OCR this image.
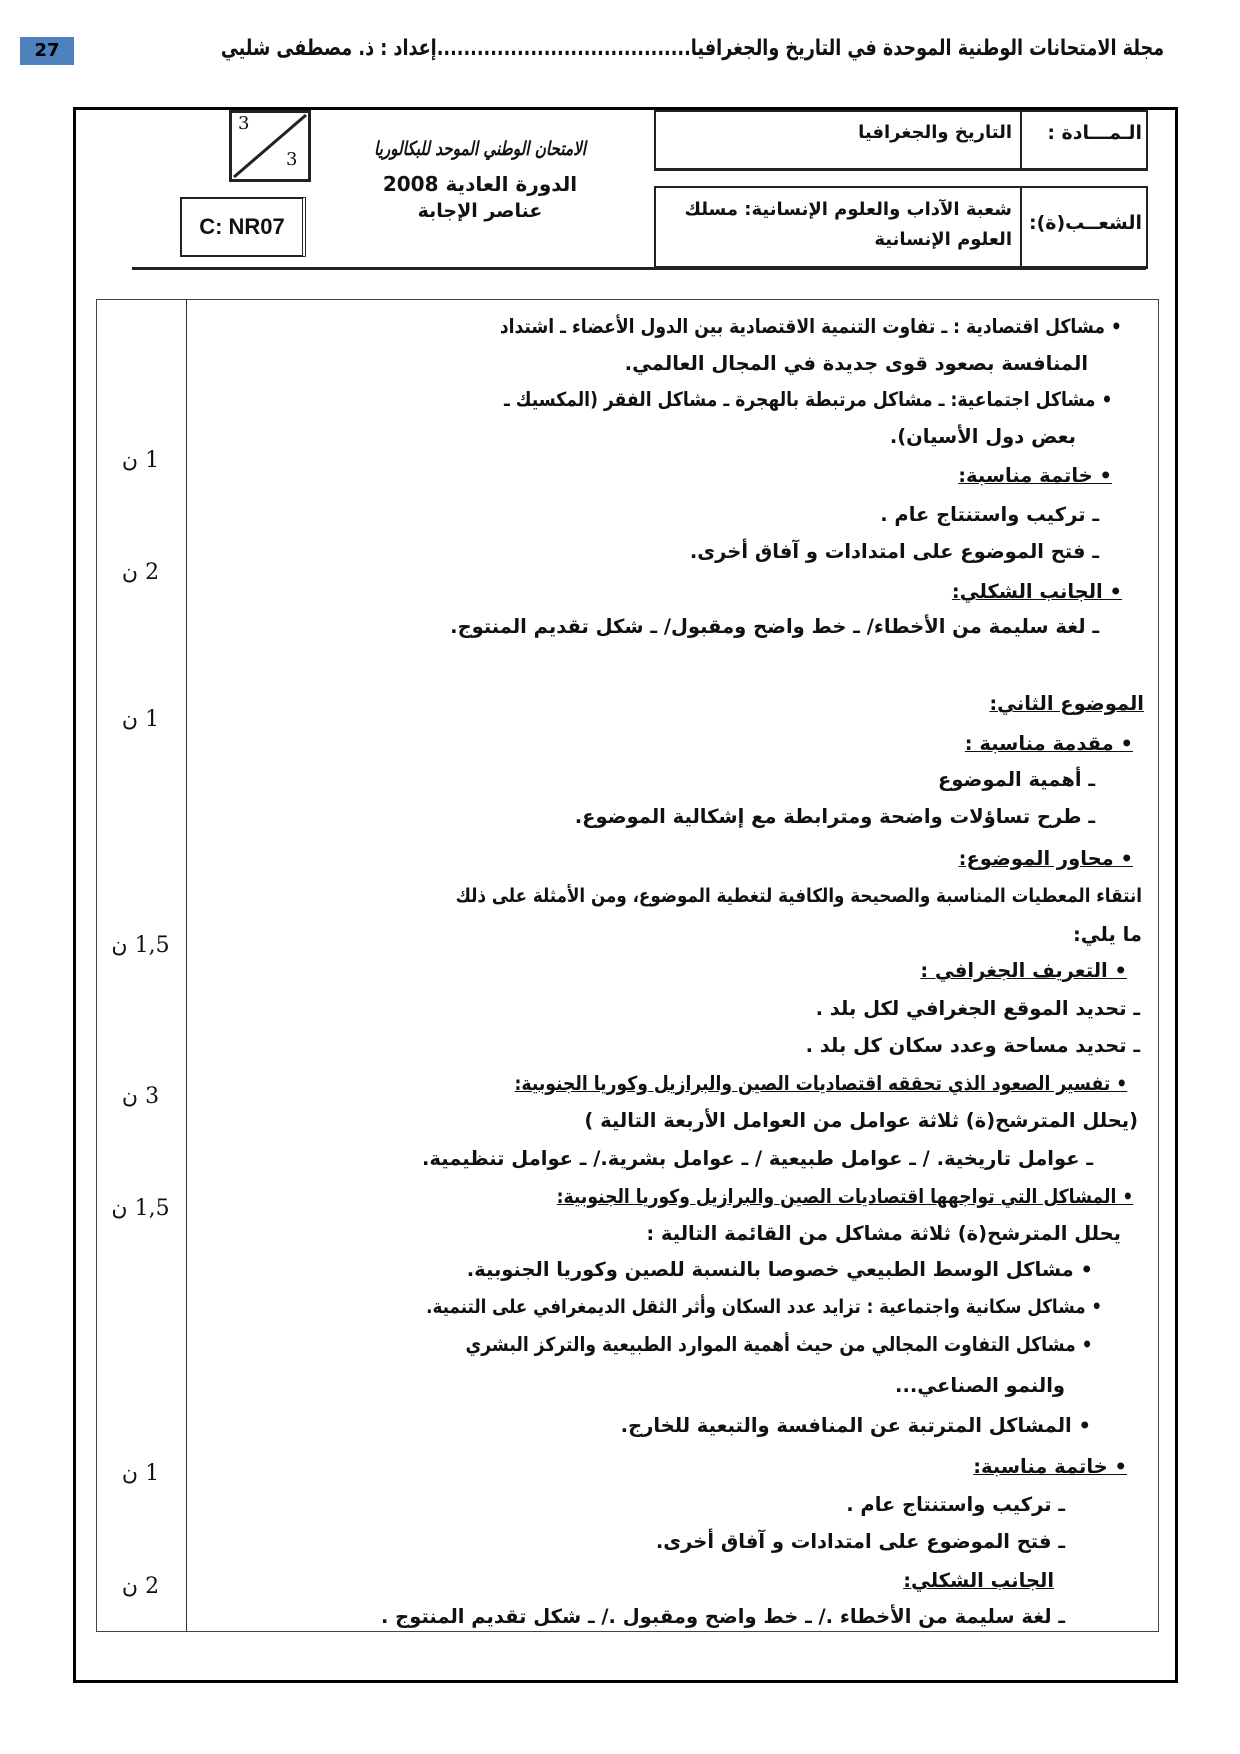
مجلة الامتحانات الوطنية الموحدة في التاريخ والجغرافيا......................................إعداد : ذ. مصطفى شليي
27
الـمـــادة :
التاريخ والجغرافيا
الشعــب(ة):
شعبة الآداب والعلوم الإنسانية: مسلك العلوم الإنسانية
الامتحان الوطني الموحد للبكالوريا
الدورة العادية 2008
عناصر الإجابة
3
3
C: NR07
• مشاكل اقتصادية : ـ تفاوت التنمية الاقتصادية بين الدول الأعضاء ـ اشتداد
المنافسة بصعود قوى جديدة في المجال العالمي.
• مشاكل اجتماعية: ـ مشاكل مرتبطة بالهجرة ـ مشاكل الفقر (المكسيك ـ
بعض دول الأسيان).
• خاتمة مناسبة:
ـ تركيب واستنتاج عام .
ـ فتح الموضوع على امتدادات و آفاق أخرى.
• الجانب الشكلي:
ـ لغة سليمة من الأخطاء/ ـ خط واضح ومقبول/ ـ شكل تقديم المنتوج.
الموضوع الثاني:
• مقدمة مناسبة :
ـ أهمية الموضوع
ـ طرح تساؤلات واضحة ومترابطة مع إشكالية الموضوع.
• محاور الموضوع:
انتقاء المعطيات المناسبة والصحيحة والكافية لتغطية الموضوع، ومن الأمثلة على ذلك
ما يلي:
• التعريف الجغرافي :
ـ تحديد الموقع الجغرافي لكل بلد .
ـ تحديد مساحة وعدد سكان كل بلد .
• تفسير الصعود الذي تحققه اقتصاديات الصين والبرازيل وكوريا الجنوبية:
(يحلل المترشح(ة) ثلاثة عوامل من العوامل الأربعة التالية )
ـ عوامل تاريخية. / ـ عوامل طبيعية / ـ عوامل بشرية./ ـ عوامل تنظيمية.
• المشاكل التي تواجهها اقتصاديات الصين والبرازيل وكوريا الجنوبية:
يحلل المترشح(ة) ثلاثة مشاكل من القائمة التالية :
• مشاكل الوسط الطبيعي خصوصا بالنسبة للصين وكوريا الجنوبية.
• مشاكل سكانية واجتماعية : تزايد عدد السكان وأثر الثقل الديمغرافي على التنمية.
• مشاكل التفاوت المجالي من حيث أهمية الموارد الطبيعية والتركز البشري
والنمو الصناعي...
• المشاكل المترتبة عن المنافسة والتبعية للخارج.
• خاتمة مناسبة:
ـ تركيب واستنتاج عام .
ـ فتح الموضوع على امتدادات و آفاق أخرى.
الجانب الشكلي:
ـ لغة سليمة من الأخطاء ./ ـ خط واضح ومقبول ./ ـ شكل تقديم المنتوج .
1 ن
2 ن
1 ن
1,5 ن
3 ن
1,5 ن
1 ن
2 ن
